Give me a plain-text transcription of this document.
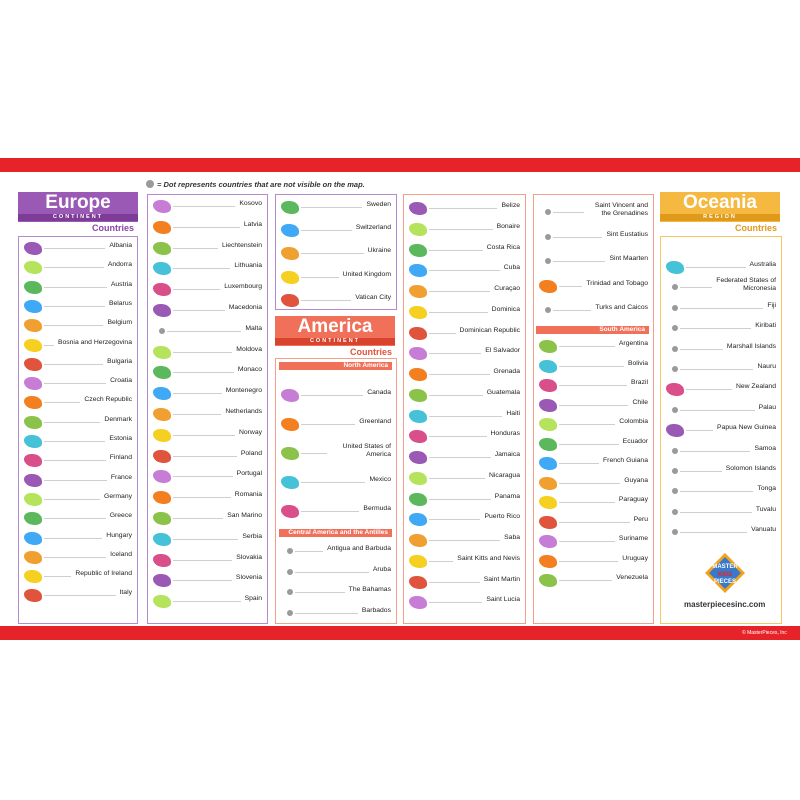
= Dot represents countries that are not visible on the map.
Europe
CONTINENT
Countries
America
CONTINENT
Countries
Oceania
REGION
Countries
North America
Central America and the Antilles
South America
Albania
Andorra
Austria
Belarus
Belgium
Bosnia and Herzegovina
Bulgaria
Croatia
Czech Republic
Denmark
Estonia
Finland
France
Germany
Greece
Hungary
Iceland
Republic of Ireland
Italy
Kosovo
Latvia
Liechtenstein
Lithuania
Luxembourg
Macedonia
Malta
Moldova
Monaco
Montenegro
Netherlands
Norway
Poland
Portugal
Romania
San Marino
Serbia
Slovakia
Slovenia
Spain
Sweden
Switzerland
Ukraine
United Kingdom
Vatican City
Canada
Greenland
United States of America
Mexico
Bermuda
Antigua and Barbuda
Aruba
The Bahamas
Barbados
Belize
Bonaire
Costa Rica
Cuba
Curaçao
Dominica
Dominican Republic
El Salvador
Grenada
Guatemala
Haiti
Honduras
Jamaica
Nicaragua
Panama
Puerto Rico
Saba
Saint Kitts and Nevis
Saint Martin
Saint Lucia
Saint Vincent and the Grenadines
Sint Eustatius
Sint Maarten
Trinidad and Tobago
Turks and Caicos
Argentina
Bolivia
Brazil
Chile
Colombia
Ecuador
French Guiana
Guyana
Paraguay
Peru
Suriname
Uruguay
Venezuela
Australia
Federated States of Micronesia
Fiji
Kiribati
Marshall Islands
Nauru
New Zealand
Palau
Papua New Guinea
Samoa
Solomon Islands
Tonga
Tuvalu
Vanuatu
MASTER
KIDS
PIECES
masterpiecesinc.com
© MasterPieces, Inc
